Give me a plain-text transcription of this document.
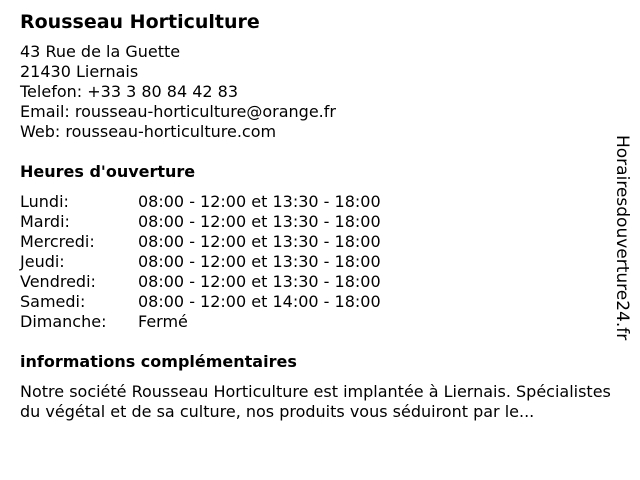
Rousseau Horticulture
43 Rue de la Guette
21430 Liernais
Telefon: +33 3 80 84 42 83
Email: rousseau-horticulture@orange.fr
Web: rousseau-horticulture.com
Heures d'ouverture
Lundi:	08:00 - 12:00 et 13:30 - 18:00
Mardi:	08:00 - 12:00 et 13:30 - 18:00
Mercredi:	08:00 - 12:00 et 13:30 - 18:00
Jeudi:	08:00 - 12:00 et 13:30 - 18:00
Vendredi:	08:00 - 12:00 et 13:30 - 18:00
Samedi:	08:00 - 12:00 et 14:00 - 18:00
Dimanche:	Fermé
informations complémentaires
Notre société Rousseau Horticulture est implantée à Liernais. Spécialistes du végétal et de sa culture, nos produits vous séduiront par le...
Horairesdouverture24.fr
